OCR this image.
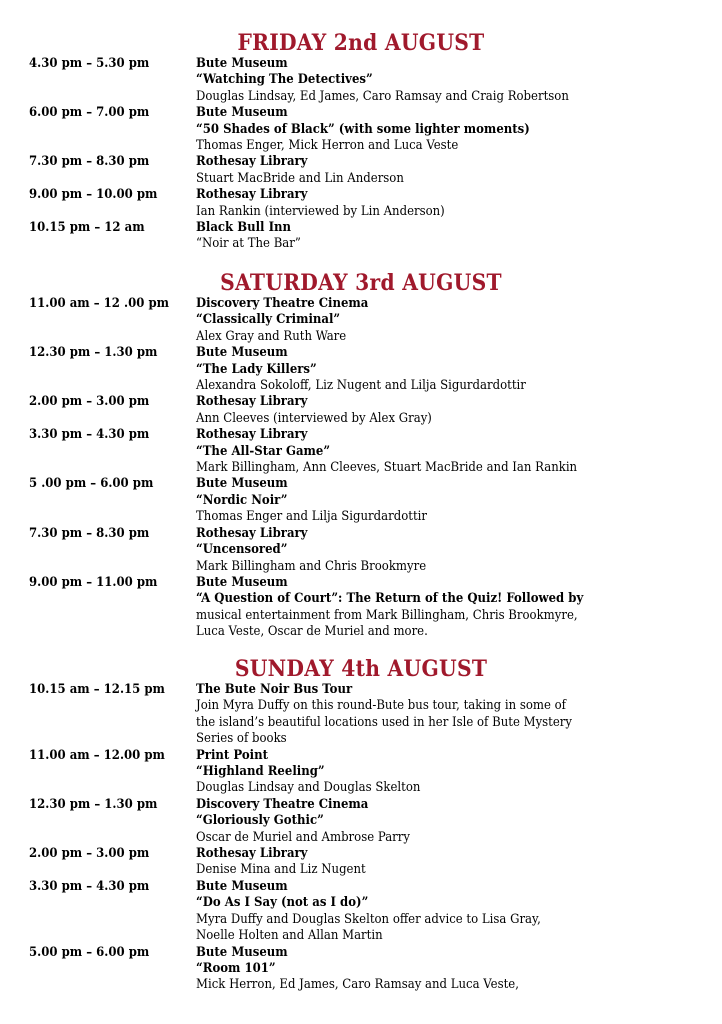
FRIDAY 2nd AUGUST
4.30 pm – 5.30 pm	Bute Museum
“Watching The Detectives”
Douglas Lindsay, Ed James, Caro Ramsay and Craig Robertson
6.00 pm – 7.00 pm	Bute Museum
“50 Shades of Black” (with some lighter moments)
Thomas Enger, Mick Herron and Luca Veste
7.30 pm – 8.30 pm	Rothesay Library
Stuart MacBride and Lin Anderson
9.00 pm – 10.00 pm	Rothesay Library
Ian Rankin (interviewed by Lin Anderson)
10.15 pm – 12 am	Black Bull Inn
“Noir at The Bar”
SATURDAY 3rd AUGUST
11.00 am – 12 .00 pm Discovery Theatre Cinema
“Classically Criminal”
Alex Gray and Ruth Ware
12.30 pm – 1.30 pm	Bute Museum
“The Lady Killers”
Alexandra Sokoloff, Liz Nugent and Lilja Sigurdardottir
2.00 pm – 3.00 pm	Rothesay Library
Ann Cleeves (interviewed by Alex Gray)
3.30 pm – 4.30 pm	Rothesay Library
“The All-Star Game”
Mark Billingham, Ann Cleeves, Stuart MacBride and Ian Rankin
5 .00 pm – 6.00 pm	Bute Museum
“Nordic Noir”
Thomas Enger and Lilja Sigurdardottir
7.30 pm – 8.30 pm	Rothesay Library
“Uncensored”
Mark Billingham and Chris Brookmyre
9.00 pm – 11.00 pm	Bute Museum
“A Question of Court”: The Return of the Quiz! Followed by
musical entertainment from Mark Billingham, Chris Brookmyre,
Luca Veste, Oscar de Muriel and more.
SUNDAY 4th AUGUST
10.15 am – 12.15 pm The Bute Noir Bus Tour
Join Myra Duffy on this round-Bute bus tour, taking in some of
the island’s beautiful locations used in her Isle of Bute Mystery
Series of books
11.00 am – 12.00 pm Print Point
“Highland Reeling”
Douglas Lindsay and Douglas Skelton
12.30 pm – 1.30 pm	Discovery Theatre Cinema
“Gloriously Gothic”
Oscar de Muriel and Ambrose Parry
2.00 pm – 3.00 pm	Rothesay Library
Denise Mina and Liz Nugent
3.30 pm – 4.30 pm	Bute Museum
“Do As I Say (not as I do)”
Myra Duffy and Douglas Skelton offer advice to Lisa Gray,
Noelle Holten and Allan Martin
5.00 pm – 6.00 pm	Bute Museum
“Room 101”
Mick Herron, Ed James, Caro Ramsay and Luca Veste,
